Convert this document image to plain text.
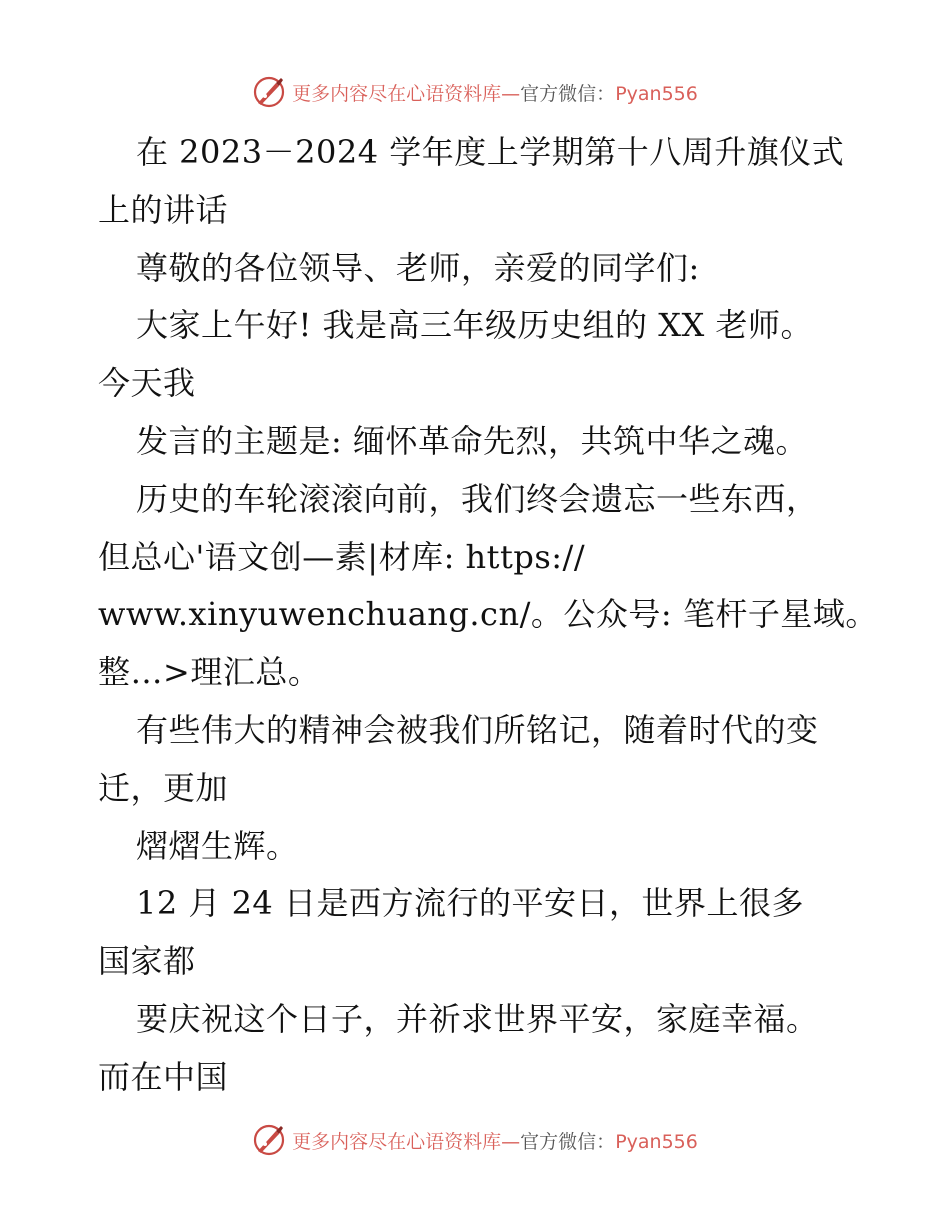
更多内容尽在心语资料库—官方微信：Pyan556
在 2023－2024 学年度上学期第十八周升旗仪式
上的讲话
尊敬的各位领导、老师，亲爱的同学们:
大家上午好! 我是高三年级历史组的 XX 老师。
今天我
发言的主题是: 缅怀革命先烈，共筑中华之魂。
历史的车轮滚滚向前，我们终会遗忘一些东西，
但总心'语文创—素|材库: https://
www.xinyuwenchuang.cn/。公众号: 笔杆子星域。
整…>理汇总。
有些伟大的精神会被我们所铭记，随着时代的变
迁，更加
熠熠生辉。
12 月 24 日是西方流行的平安日，世界上很多
国家都
要庆祝这个日子，并祈求世界平安，家庭幸福。
而在中国
更多内容尽在心语资料库—官方微信：Pyan556
